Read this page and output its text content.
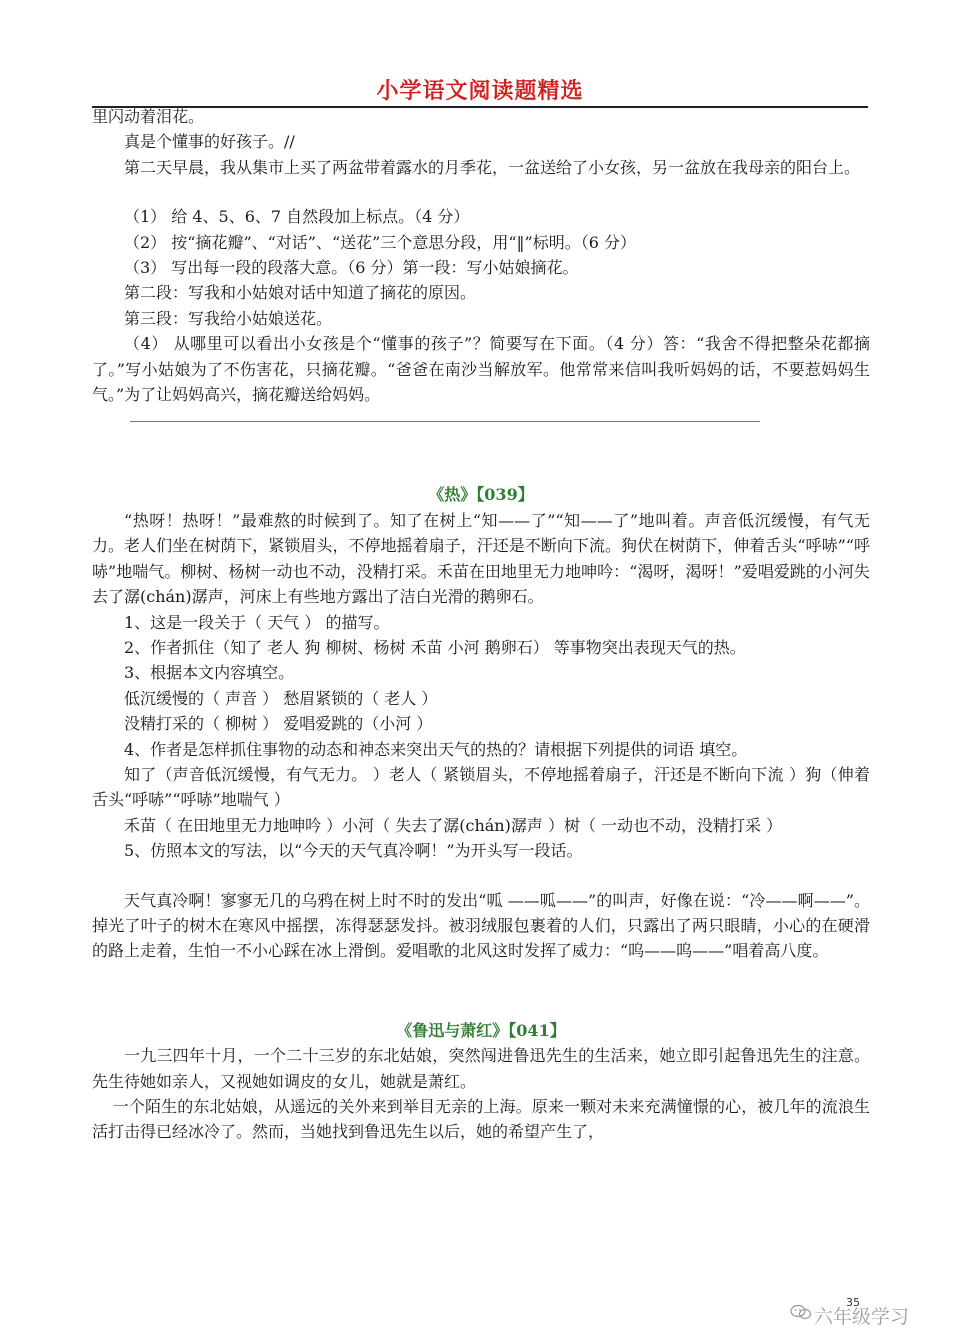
小学语文阅读题精选

里闪动着泪花。

真是个懂事的好孩子。//

第二天早晨，我从集市上买了两盆带着露水的月季花，一盆送给了小女孩，另一盆放在我母亲的阳台上。

（1） 给 4、5、6、7 自然段加上标点。（4 分）

（2） 按“摘花瓣”、“对话”、“送花”三个意思分段，用“‖”标明。（6 分）

（3） 写出每一段的段落大意。（6 分）第一段：写小姑娘摘花。

第二段：写我和小姑娘对话中知道了摘花的原因。

第三段：写我给小姑娘送花。

（4） 从哪里可以看出小女孩是个“懂事的孩子”？简要写在下面。（4 分）答：“我舍不得把整朵花都摘了。”写小姑娘为了不伤害花，只摘花瓣。“爸爸在南沙当解放军。他常常来信叫我听妈妈的话，不要惹妈妈生气。”为了让妈妈高兴，摘花瓣送给妈妈。

《热》【039】

“热呀！热呀！”最难熬的时候到了。知了在树上“知——了”“知——了”地叫着。声音低沉缓慢，有气无力。老人们坐在树荫下，紧锁眉头，不停地摇着扇子，汗还是不断向下流。狗伏在树荫下，伸着舌头“呼哧”“呼哧”地喘气。柳树、杨树一动也不动，没精打采。禾苗在田地里无力地呻吟：“渴呀，渴呀！”爱唱爱跳的小河失去了潺(chán)潺声，河床上有些地方露出了洁白光滑的鹅卵石。

1、这是一段关于（ 天气 ） 的描写。

2、作者抓住（知了 老人 狗 柳树、杨树 禾苗 小河 鹅卵石） 等事物突出表现天气的热。

3、根据本文内容填空。

低沉缓慢的（ 声音 ） 愁眉紧锁的（ 老人 ）

没精打采的（ 柳树 ） 爱唱爱跳的（小河 ）

4、作者是怎样抓住事物的动态和神态来突出天气的热的？请根据下列提供的词语 填空。

知了（声音低沉缓慢，有气无力。 ）老人（ 紧锁眉头，不停地摇着扇子，汗还是不断向下流 ）狗（伸着舌头“呼哧”“呼哧”地喘气 ）

禾苗（ 在田地里无力地呻吟 ）小河（ 失去了潺(chán)潺声 ）树（ 一动也不动，没精打采 ）

5、仿照本文的写法，以“今天的天气真冷啊！”为开头写一段话。

天气真冷啊！寥寥无几的乌鸦在树上时不时的发出“呱 ——呱——”的叫声，好像在说：“冷——啊——”。掉光了叶子的树木在寒风中摇摆，冻得瑟瑟发抖。被羽绒服包裹着的人们，只露出了两只眼睛，小心的在硬滑的路上走着，生怕一不小心踩在冰上滑倒。爱唱歌的北风这时发挥了威力：“呜——呜——”唱着高八度。

《鲁迅与萧红》【041】

一九三四年十月，一个二十三岁的东北姑娘，突然闯进鲁迅先生的生活来，她立即引起鲁迅先生的注意。先生待她如亲人，又视她如调皮的女儿，她就是萧红。

一个陌生的东北姑娘，从遥远的关外来到举目无亲的上海。原来一颗对未来充满憧憬的心，被几年的流浪生活打击得已经冰冷了。然而，当她找到鲁迅先生以后，她的希望产生了，

35
六年级学习
